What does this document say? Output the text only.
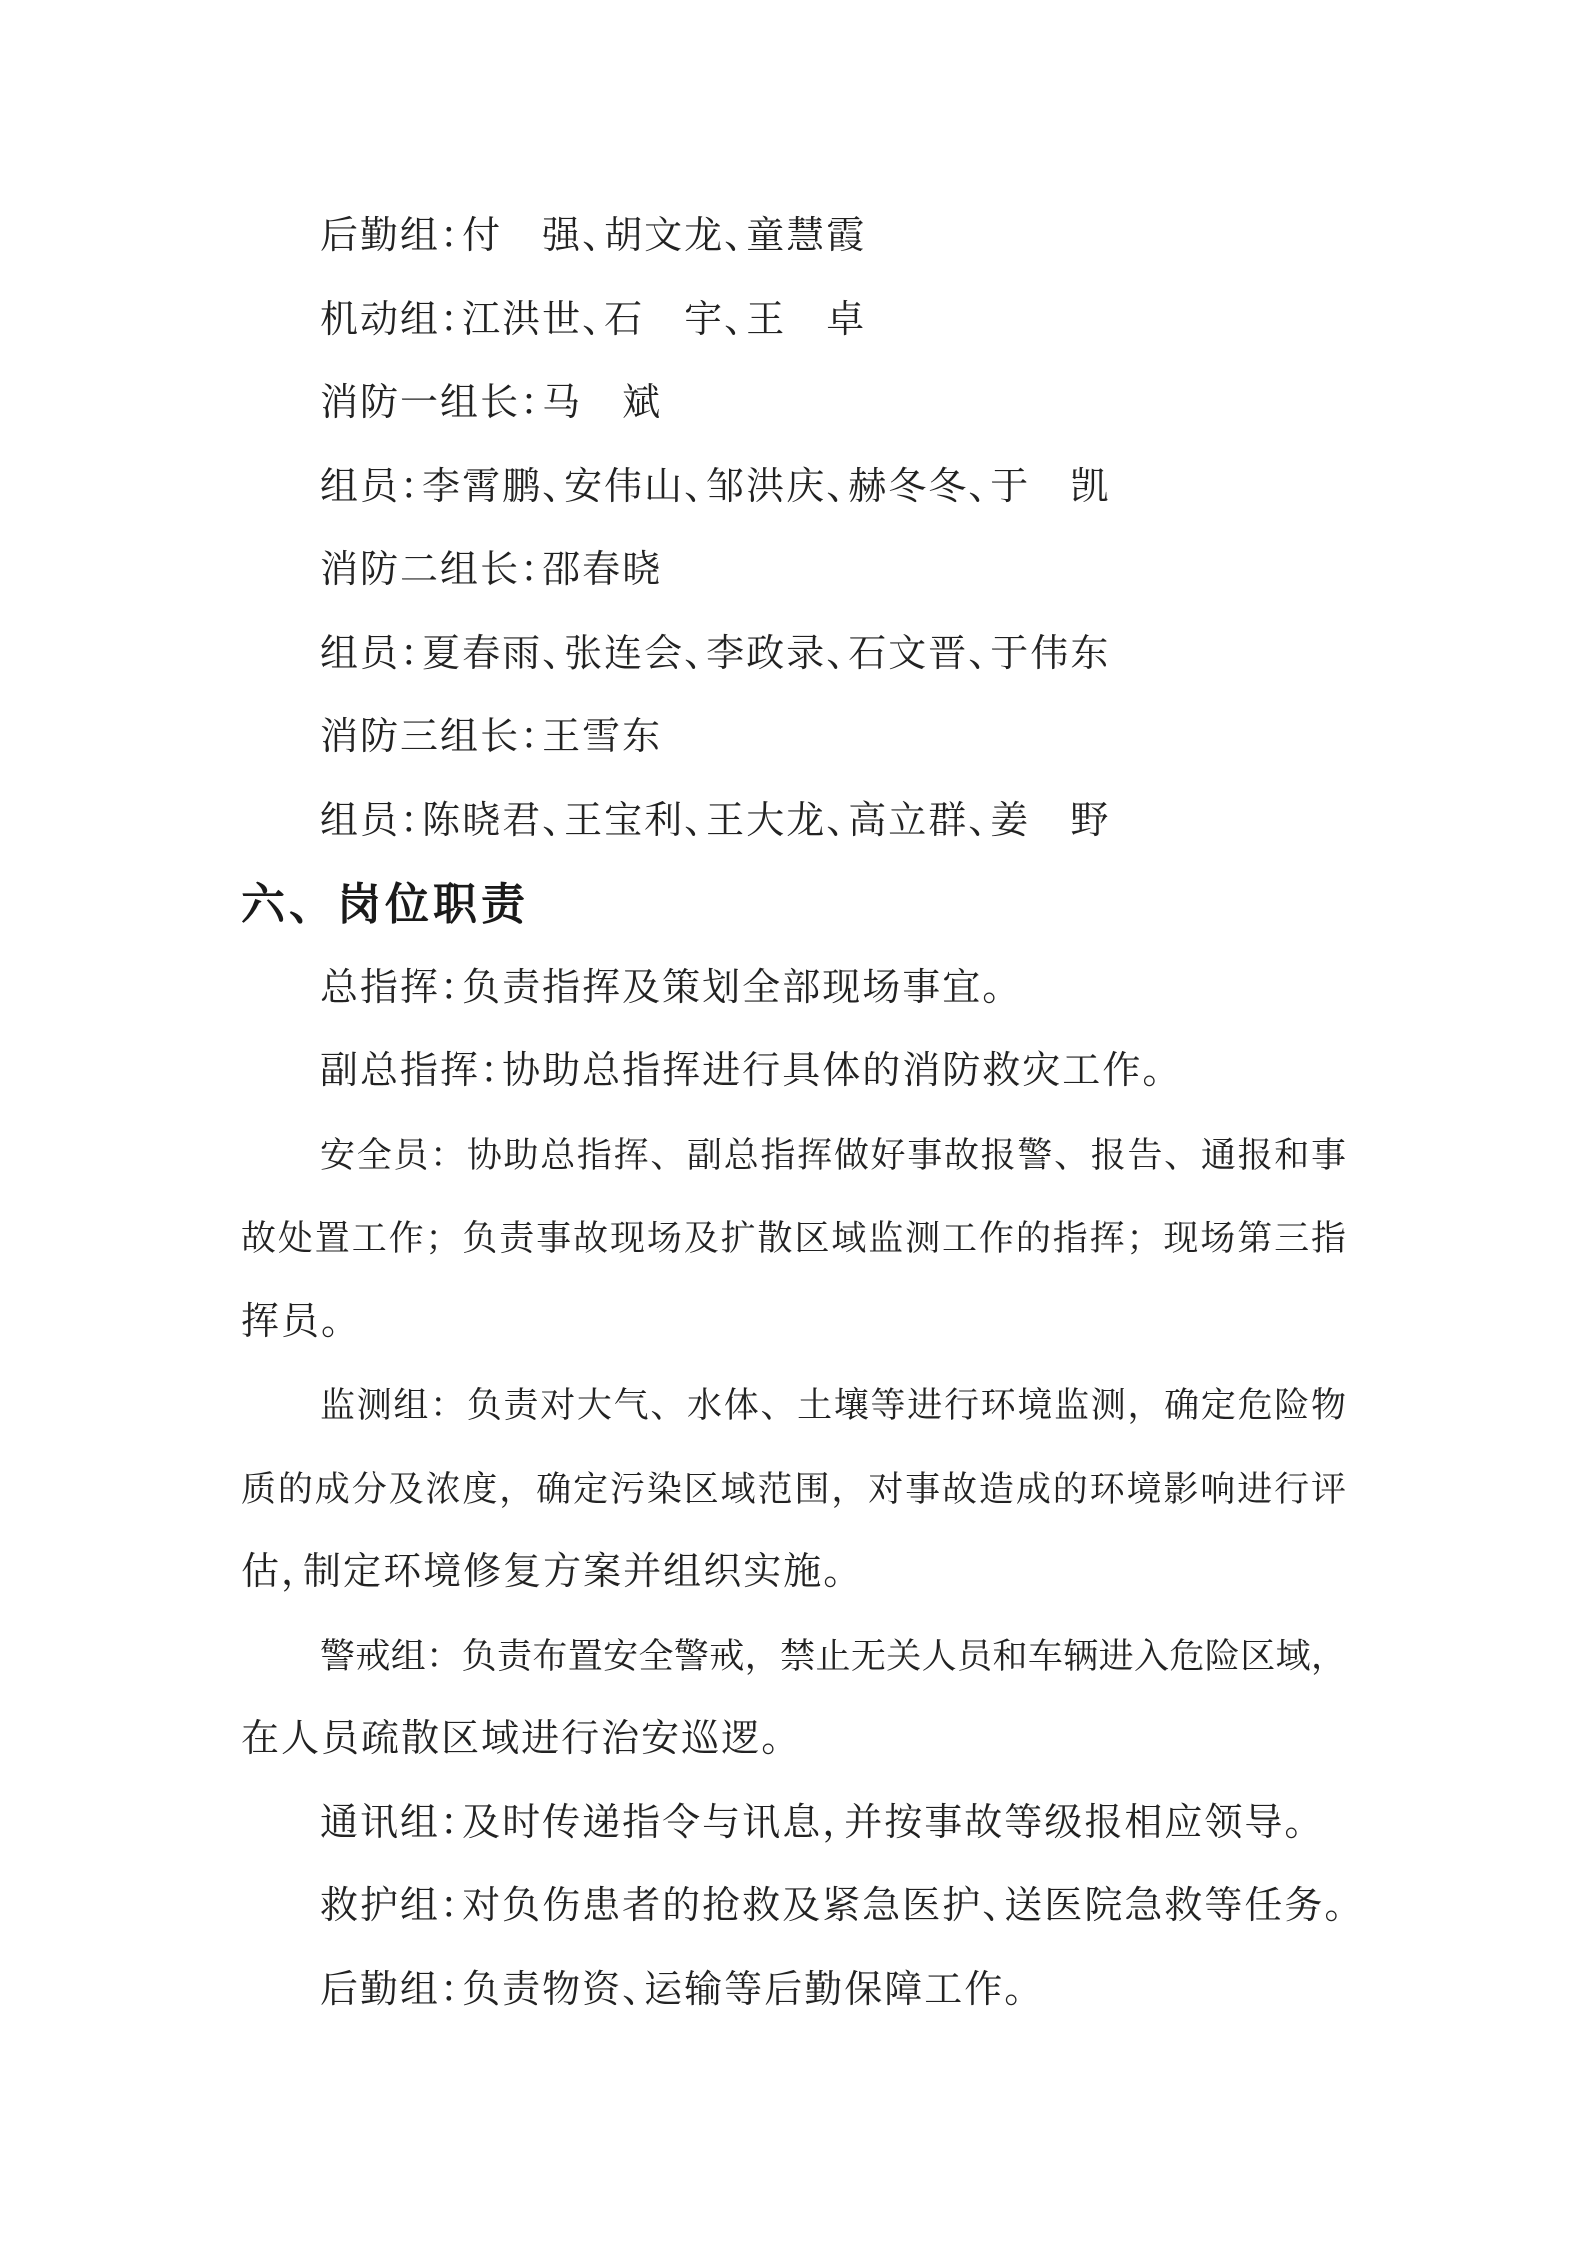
后勤组：付　 强、胡文龙、童慧霞
机动组：江洪世、石　 宇、王　 卓
消防一组长：马　 斌
组员：李霄鹏、安伟山、邹洪庆、赫冬冬、于　 凯
消防二组长：邵春晓
组员：夏春雨、张连会、李政录、石文晋、于伟东
消防三组长：王雪东
组员：陈晓君、王宝利、王大龙、高立群、姜　 野
六、岗位职责
总指挥：负责指挥及策划全部现场事宜。
副总指挥：协助总指挥进行具体的消防救灾工作。
安全员：协助总指挥、副总指挥做好事故报警、报告、通报和事
故处置工作；负责事故现场及扩散区域监测工作的指挥；现场第三指
挥员。
监测组：负责对大气、水体、土壤等进行环境监测，确定危险物
质的成分及浓度，确定污染区域范围，对事故造成的环境影响进行评
估，制定环境修复方案并组织实施。
警戒组：负责布置安全警戒，禁止无关人员和车辆进入危险区域，
在人员疏散区域进行治安巡逻。
通讯组：及时传递指令与讯息，并按事故等级报相应领导。
救护组：对负伤患者的抢救及紧急医护、送医院急救等任务。
后勤组：负责物资、运输等后勤保障工作。
